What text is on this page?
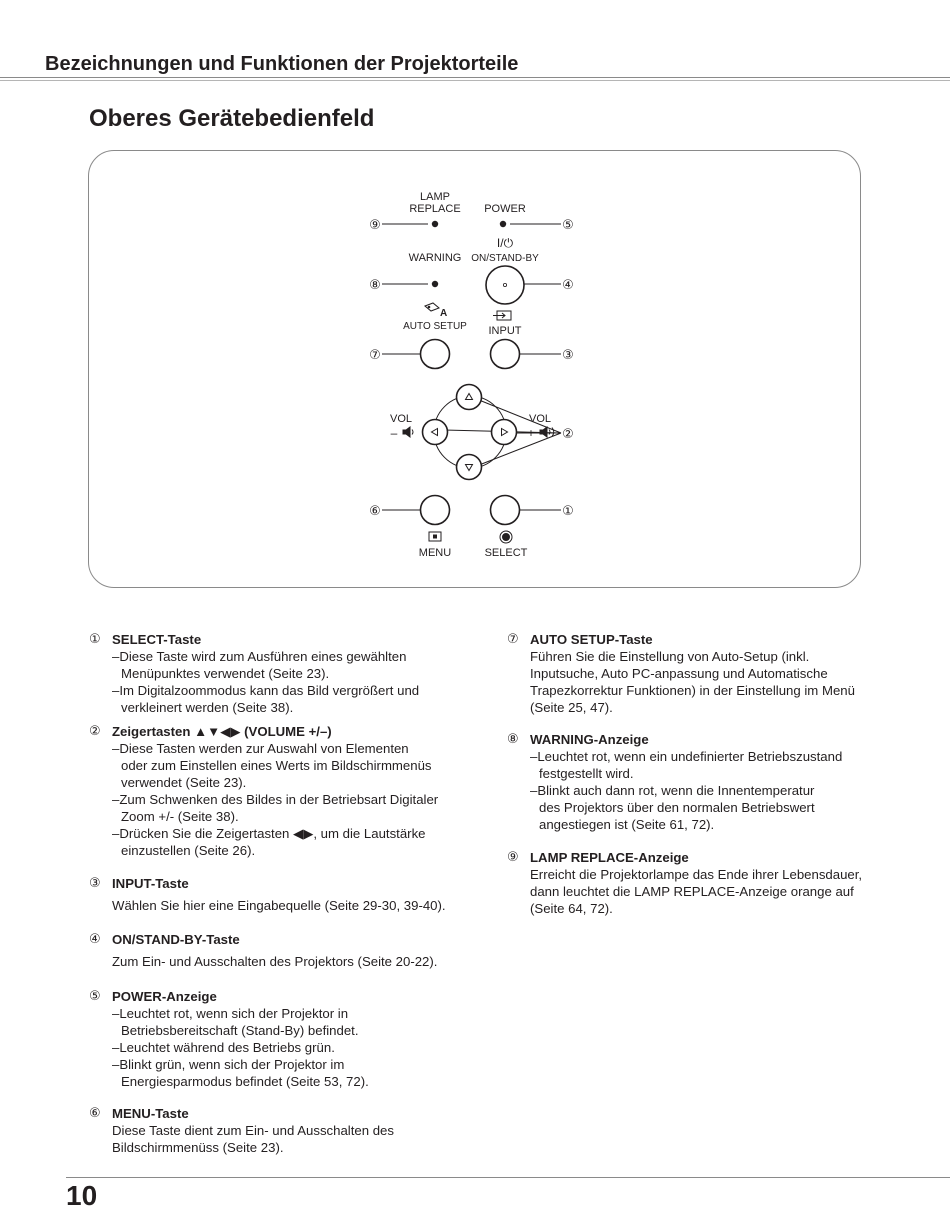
Bezeichnungen und Funktionen der Projektorteile
Oberes Gerätebedienfeld
A
LAMP
REPLACE POWER
I/⏻
ON/STAND-BY
WARNING
AUTO SETUP INPUT
VOL
–
VOL
+
MENU	SELECT
⑨	⑤
⑧	④
⑦	③
②
⑥	①
① SELECT-Taste
–Diese Taste wird zum Ausführen eines gewählten
Menüpunktes verwendet (Seite 23).
–Im Digitalzoommodus kann das Bild vergrößert und
verkleinert werden (Seite 38).
② Zeigertasten ▲▼◀▶ (VOLUME +/–)
–Diese Tasten werden zur Auswahl von Elementen
oder zum Einstellen eines Werts im Bildschirmmenüs
verwendet (Seite 23).
–Zum Schwenken des Bildes in der Betriebsart Digitaler
Zoom +/- (Seite 38).
–Drücken Sie die Zeigertasten ◀▶, um die Lautstärke
einzustellen (Seite 26).
③ INPUT-Taste
Wählen Sie hier eine Eingabequelle (Seite 29-30, 39-40).
④ ON/STAND-BY-Taste
Zum Ein- und Ausschalten des Projektors (Seite 20-22).
⑤ POWER-Anzeige
–Leuchtet rot, wenn sich der Projektor in
Betriebsbereitschaft (Stand-By) befindet.
–Leuchtet während des Betriebs grün.
–Blinkt grün, wenn sich der Projektor im
Energiesparmodus befindet (Seite 53, 72).
⑥ MENU-Taste
Diese Taste dient zum Ein- und Ausschalten des
Bildschirmmenüss (Seite 23).
⑦ AUTO SETUP-Taste
Führen Sie die Einstellung von Auto-Setup (inkl.
Inputsuche, Auto PC-anpassung und Automatische
Trapezkorrektur Funktionen) in der Einstellung im Menü
(Seite 25, 47).
⑧ WARNING-Anzeige
–Leuchtet rot, wenn ein undefinierter Betriebszustand
festgestellt wird.
–Blinkt auch dann rot, wenn die Innentemperatur
des Projektors über den normalen Betriebswert
angestiegen ist (Seite 61, 72).
⑨ LAMP REPLACE-Anzeige
Erreicht die Projektorlampe das Ende ihrer Lebensdauer,
dann leuchtet die LAMP REPLACE-Anzeige orange auf
(Seite 64, 72).
10
